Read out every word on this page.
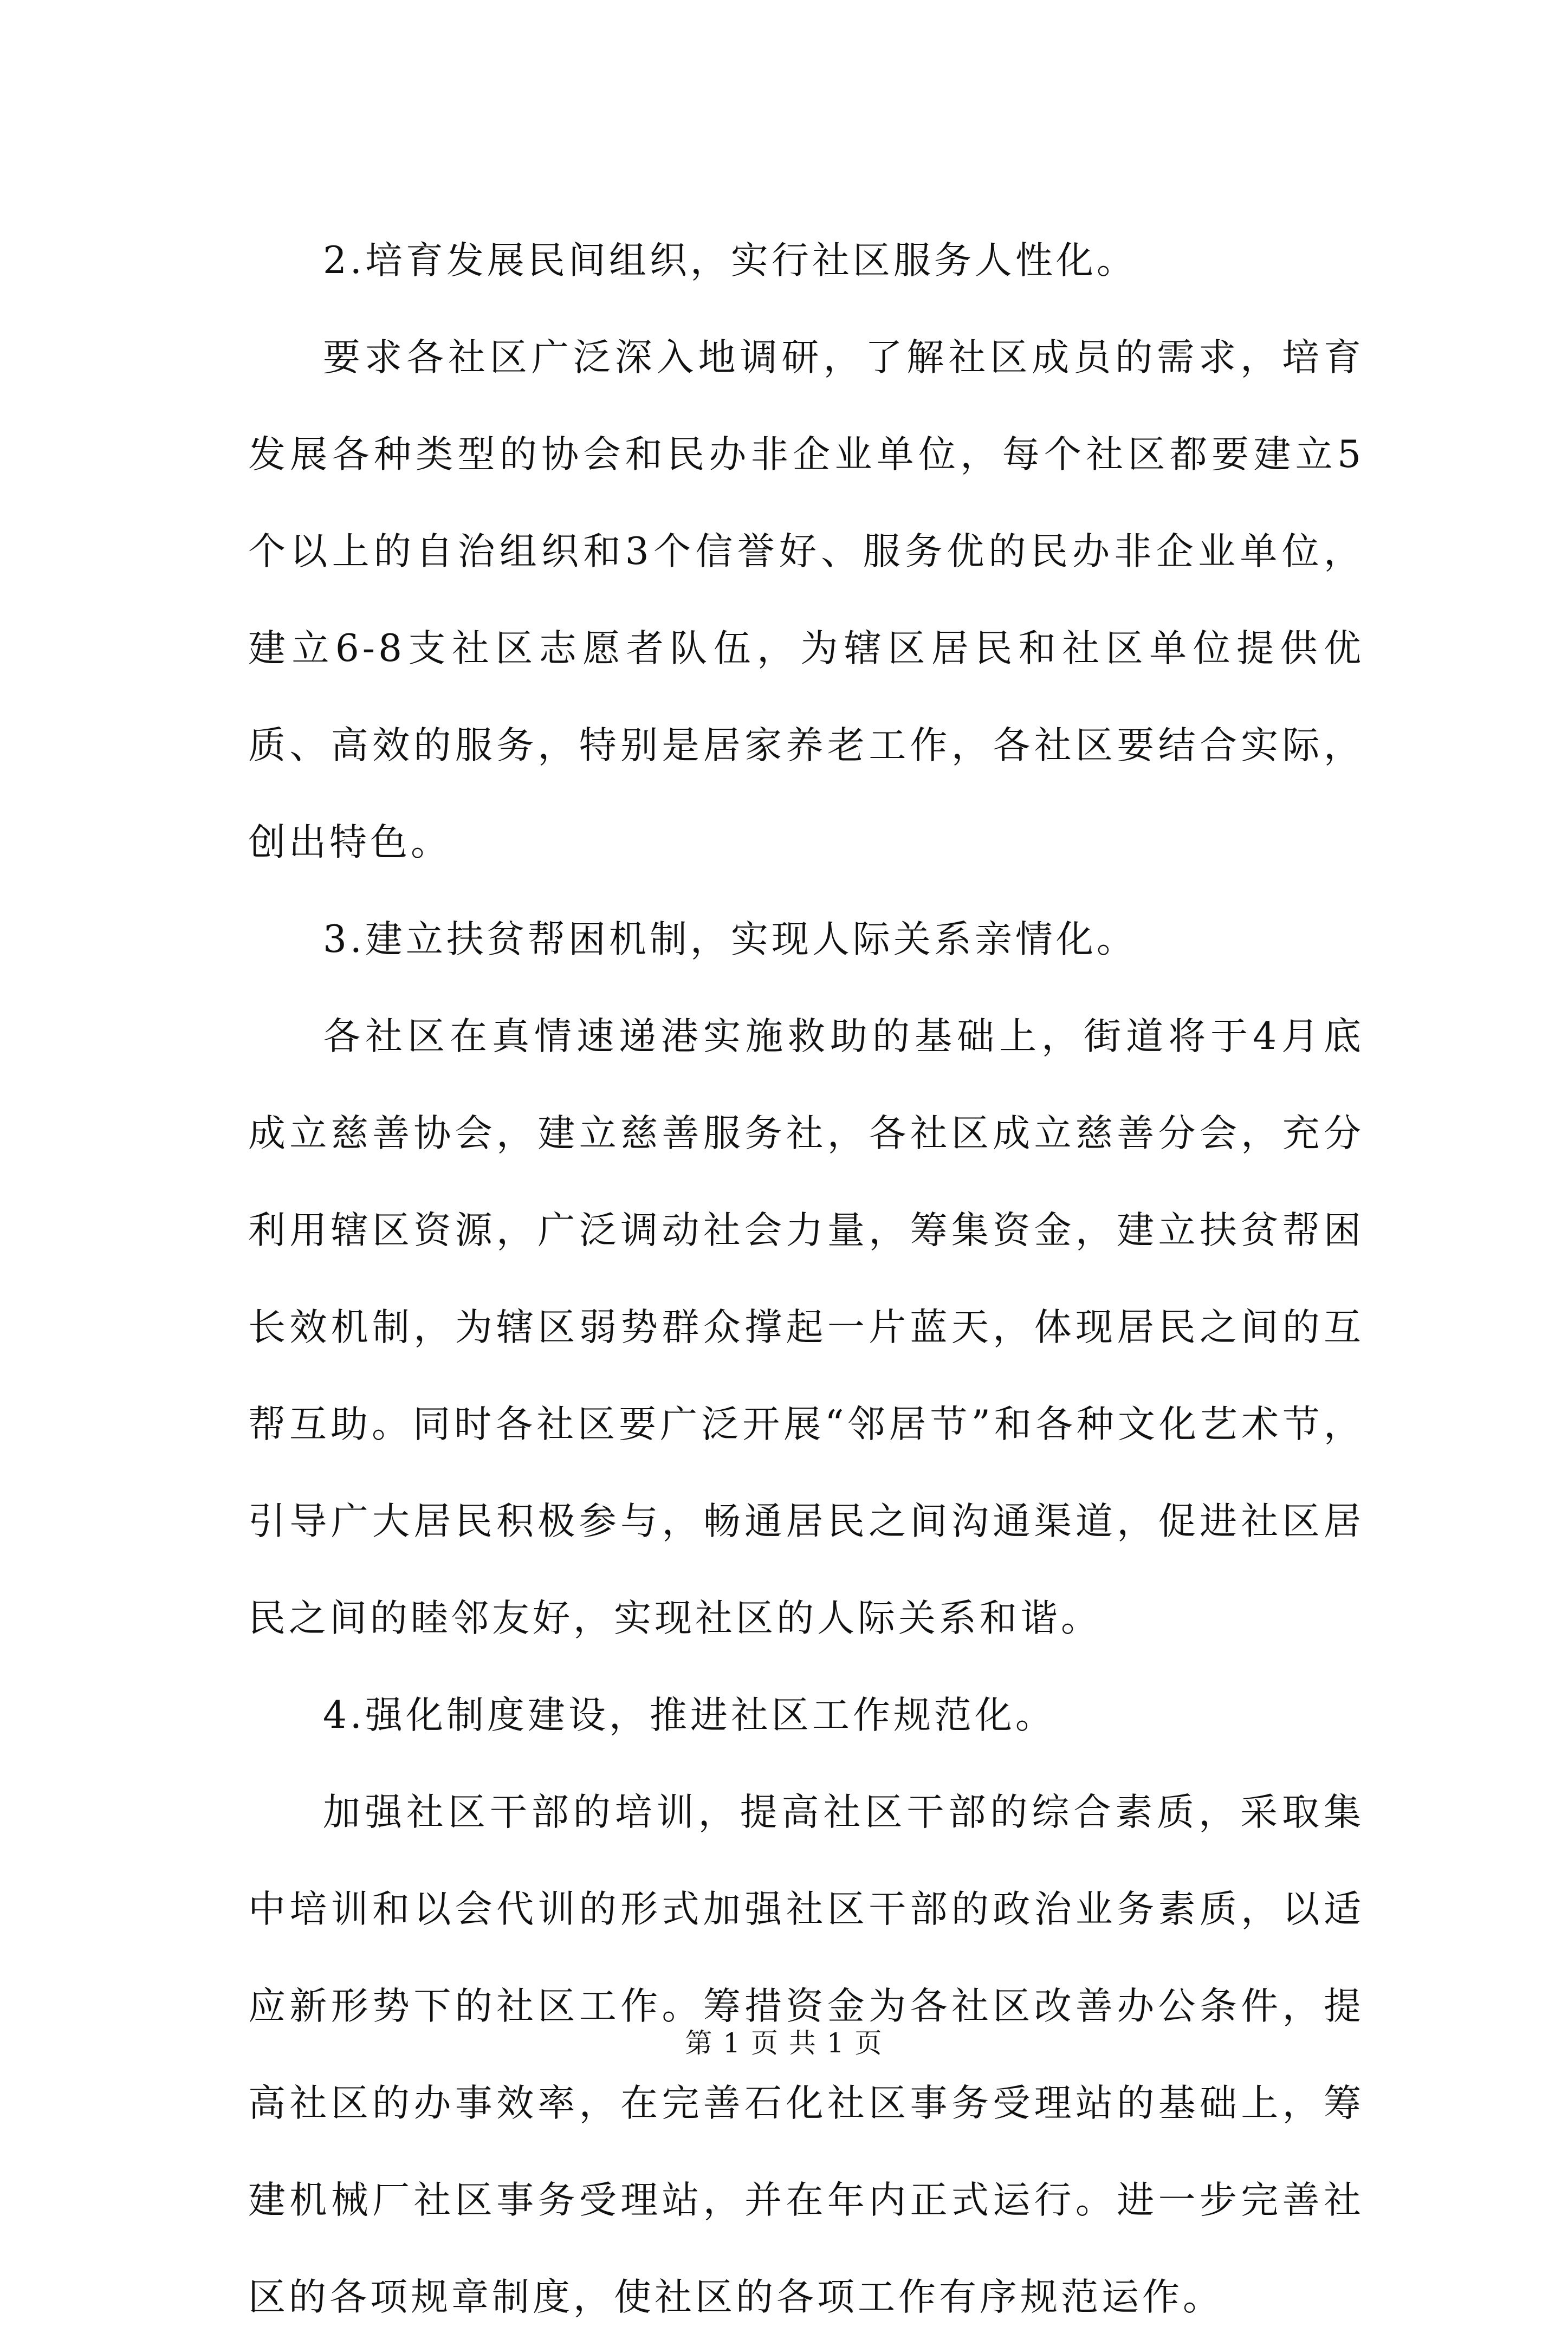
2.培育发展民间组织，实行社区服务人性化。

要求各社区广泛深入地调研，了解社区成员的需求，培育发展各种类型的协会和民办非企业单位，每个社区都要建立5个以上的自治组织和3个信誉好、服务优的民办非企业单位，建立6-8支社区志愿者队伍，为辖区居民和社区单位提供优质、高效的服务，特别是居家养老工作，各社区要结合实际，创出特色。

3.建立扶贫帮困机制，实现人际关系亲情化。

各社区在真情速递港实施救助的基础上，街道将于4月底成立慈善协会，建立慈善服务社，各社区成立慈善分会，充分利用辖区资源，广泛调动社会力量，筹集资金，建立扶贫帮困长效机制，为辖区弱势群众撑起一片蓝天，体现居民之间的互帮互助。同时各社区要广泛开展“邻居节”和各种文化艺术节，引导广大居民积极参与，畅通居民之间沟通渠道，促进社区居民之间的睦邻友好，实现社区的人际关系和谐。

4.强化制度建设，推进社区工作规范化。

加强社区干部的培训，提高社区干部的综合素质，采取集中培训和以会代训的形式加强社区干部的政治业务素质，以适应新形势下的社区工作。筹措资金为各社区改善办公条件，提高社区的办事效率，在完善石化社区事务受理站的基础上，筹建机械厂社区事务受理站，并在年内正式运行。进一步完善社区的各项规章制度，使社区的各项工作有序规范运作。

第 1 页 共 1 页
